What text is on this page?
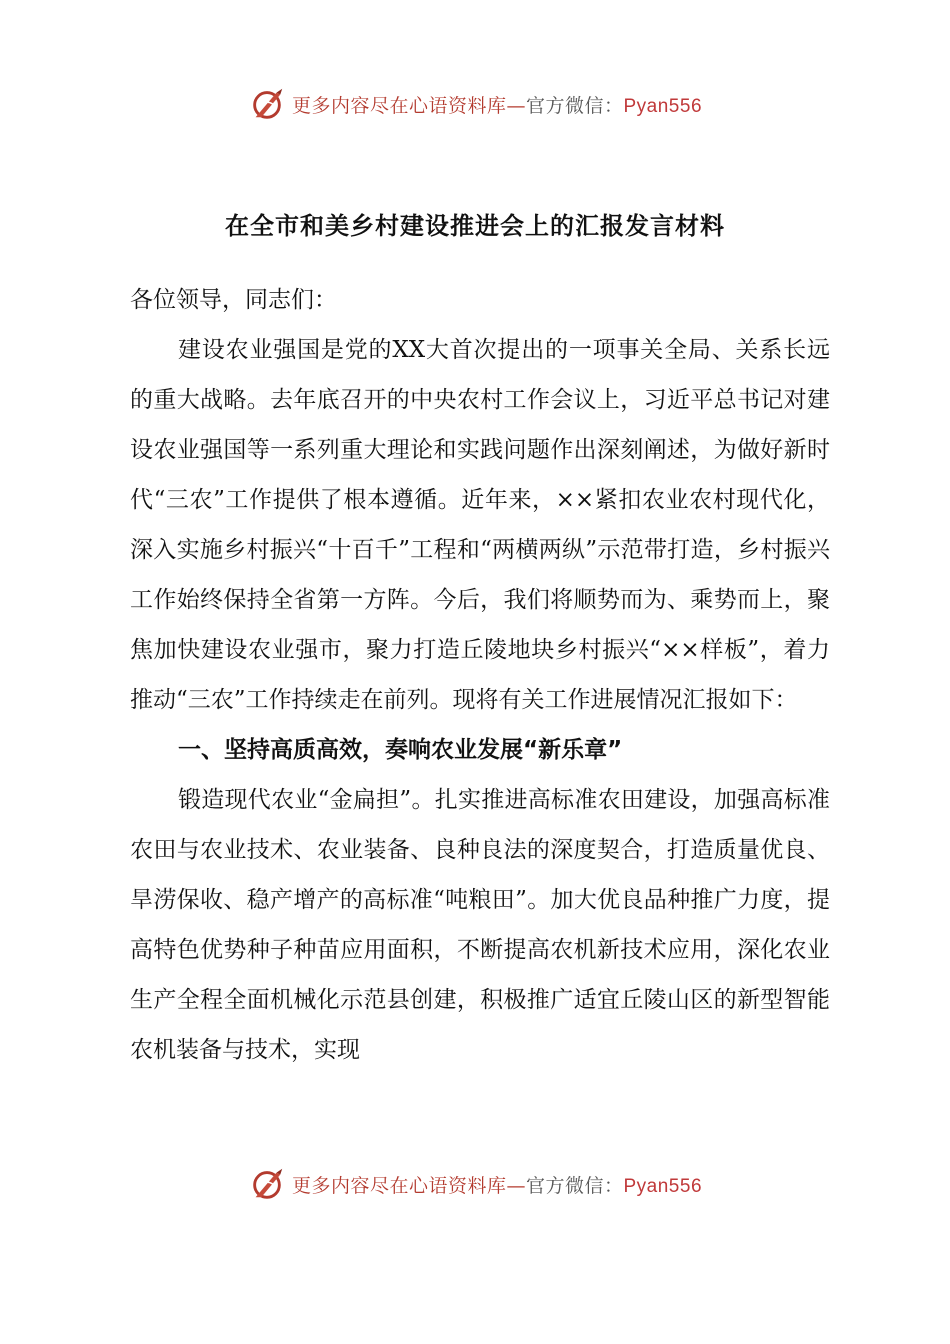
更多内容尽在心语资料库—官方微信：Pyan556
在全市和美乡村建设推进会上的汇报发言材料

各位领导，同志们：

建设农业强国是党的XX大首次提出的一项事关全局、关系长远的重大战略。去年底召开的中央农村工作会议上，习近平总书记对建设农业强国等一系列重大理论和实践问题作出深刻阐述，为做好新时代“三农”工作提供了根本遵循。近年来，××紧扣农业农村现代化，深入实施乡村振兴“十百千”工程和“两横两纵”示范带打造，乡村振兴工作始终保持全省第一方阵。今后，我们将顺势而为、乘势而上，聚焦加快建设农业强市，聚力打造丘陵地块乡村振兴“××样板”，着力推动“三农”工作持续走在前列。现将有关工作进展情况汇报如下：

一、坚持高质高效，奏响农业发展“新乐章”

锻造现代农业“金扁担”。扎实推进高标准农田建设，加强高标准农田与农业技术、农业装备、良种良法的深度契合，打造质量优良、旱涝保收、稳产增产的高标准“吨粮田”。加大优良品种推广力度，提高特色优势种子种苗应用面积，不断提高农机新技术应用，深化农业生产全程全面机械化示范县创建，积极推广适宜丘陵山区的新型智能农机装备与技术，实现

更多内容尽在心语资料库—官方微信：Pyan556
